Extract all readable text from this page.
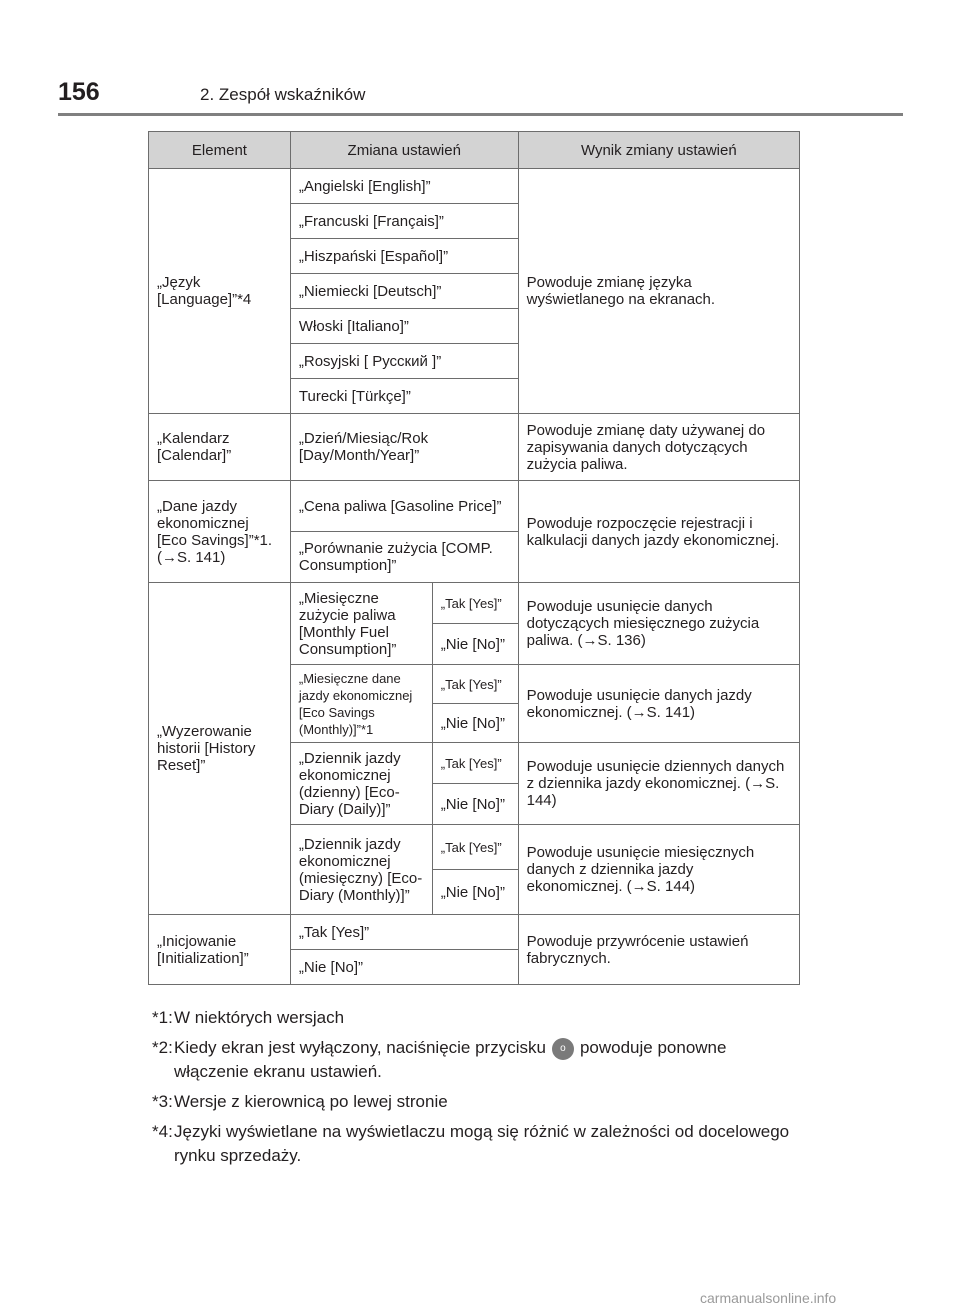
156	2. Zespół wskaźników
Element	Zmiana ustawień		Wynik zmiany ustawień
„Język [Language]”*4	„Angielski [English]”		Powoduje zmianę języka wyświetlanego na ekranach.
	„Francuski [Français]”		
	„Hiszpański [Español]”		
	„Niemiecki [Deutsch]”		
	Włoski [Italiano]”		
	„Rosyjski [ Русский ]”		
	Turecki [Türkçe]”		
„Kalendarz [Calendar]”	„Dzień/Miesiąc/Rok [Day/Month/Year]”		Powoduje zmianę daty używanej do zapisywania danych dotyczących zużycia paliwa.
„Dane jazdy ekonomicznej [Eco Savings]”*1. (→S. 141)	„Cena paliwa [Gasoline Price]”		Powoduje rozpoczęcie rejestracji i kalkulacji danych jazdy ekonomicznej.
	„Porównanie zużycia [COMP. Consumption]”		
„Wyzerowanie historii [History Reset]”	„Miesięczne zużycie paliwa [Monthly Fuel Consumption]”	„Tak [Yes]”	Powoduje usunięcie danych dotyczących miesięcznego zużycia paliwa. (→S. 136)
		„Nie [No]”	
	„Miesięczne dane jazdy ekonomicznej [Eco Savings (Monthly)]”*1	„Tak [Yes]”	Powoduje usunięcie danych jazdy ekonomicznej. (→S. 141)
		„Nie [No]”	
	„Dziennik jazdy ekonomicznej (dzienny) [Eco-Diary (Daily)]”	„Tak [Yes]”	Powoduje usunięcie dziennych danych z dziennika jazdy ekonomicznej. (→S. 144)
		„Nie [No]”	
	„Dziennik jazdy ekonomicznej (miesięczny) [Eco-Diary (Monthly)]”	„Tak [Yes]”	Powoduje usunięcie miesięcznych danych z dziennika jazdy ekonomicznej. (→S. 144)
		„Nie [No]”	
„Inicjowanie [Initialization]”	„Tak [Yes]”		Powoduje przywrócenie ustawień fabrycznych.
	„Nie [No]”		
*1: W niektórych wersjach
*2: Kiedy ekran jest wyłączony, naciśnięcie przycisku o powoduje ponowne włączenie ekranu ustawień.
*3: Wersje z kierownicą po lewej stronie
*4: Języki wyświetlane na wyświetlaczu mogą się różnić w zależności od docelowego rynku sprzedaży.
carmanualsonline.info
